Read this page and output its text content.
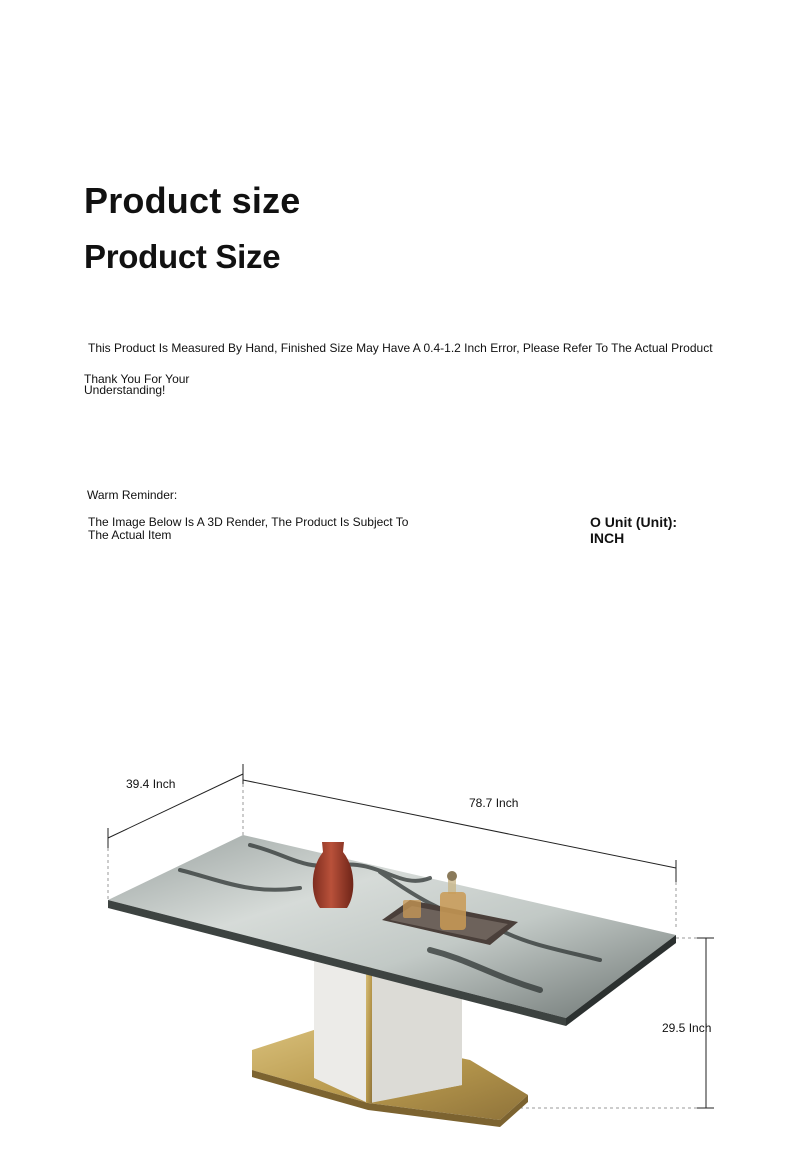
Product size
Product Size
This Product Is Measured By Hand, Finished Size May Have A 0.4-1.2 Inch Error, Please Refer To The Actual Product
Thank You For Your Understanding!
Warm Reminder:
The Image Below Is A 3D Render, The Product Is Subject To The Actual Item
O Unit (Unit): INCH
39.4 Inch
78.7 Inch
29.5 Inch
